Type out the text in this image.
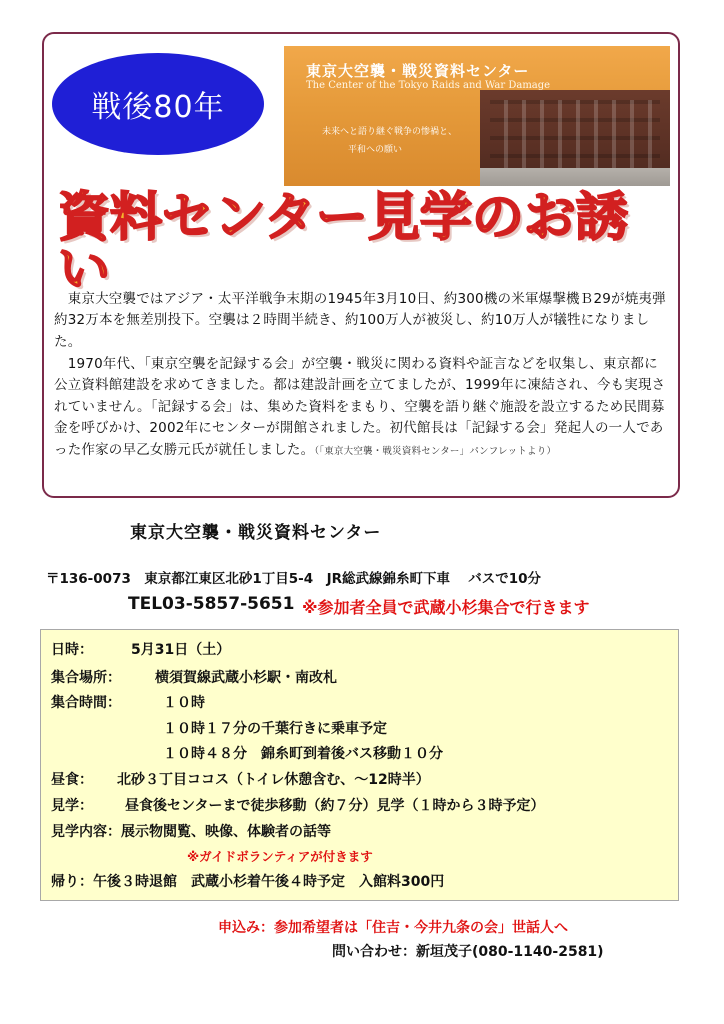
戦後80年
東京大空襲・戦災資料センター
The Center of the Tokyo Raids and War Damage
未来へと語り継ぐ戦争の惨禍と、
平和への願い
資料センター見学のお誘い
　東京大空襲ではアジア・太平洋戦争末期の1945年3月10日、約300機の米軍爆撃機Ｂ29が焼夷弾約32万本を無差別投下。空襲は２時間半続き、約100万人が被災し、約10万人が犠牲になりました。
　1970年代、「東京空襲を記録する会」が空襲・戦災に関わる資料や証言などを収集し、東京都に公立資料館建設を求めてきました。都は建設計画を立てましたが、1999年に凍結され、今も実現されていません。「記録する会」は、集めた資料をまもり、空襲を語り継ぐ施設を設立するため民間募金を呼びかけ、2002年にセンターが開館されました。初代館長は「記録する会」発起人の一人であった作家の早乙女勝元氏が就任しました。（「東京大空襲・戦災資料センター」パンフレットより）
東京大空襲・戦災資料センター
〒136-0073　東京都江東区北砂1丁目5-4　JR総武線錦糸町下車　 バスで10分
TEL03-5857-5651 ※参加者全員で武蔵小杉集合で行きます
日時：	5月31日（土）
集合場所： 横須賀線武蔵小杉駅・南改札
集合時間：	１０時
１０時１７分の千葉行きに乗車予定
１０時４８分　錦糸町到着後バス移動１０分
昼食： 北砂３丁目ココス（トイレ休憩含む、～12時半）
見学： 昼食後センターまで徒歩移動（約７分）見学（１時から３時予定）
見学内容：展示物閲覧、映像、体験者の話等
※ガイドボランティアが付きます
帰り：午後３時退館　武蔵小杉着午後４時予定　入館料300円
申込み：参加希望者は「住吉・今井九条の会」世話人へ
問い合わせ：新垣茂子(080-1140-2581)
